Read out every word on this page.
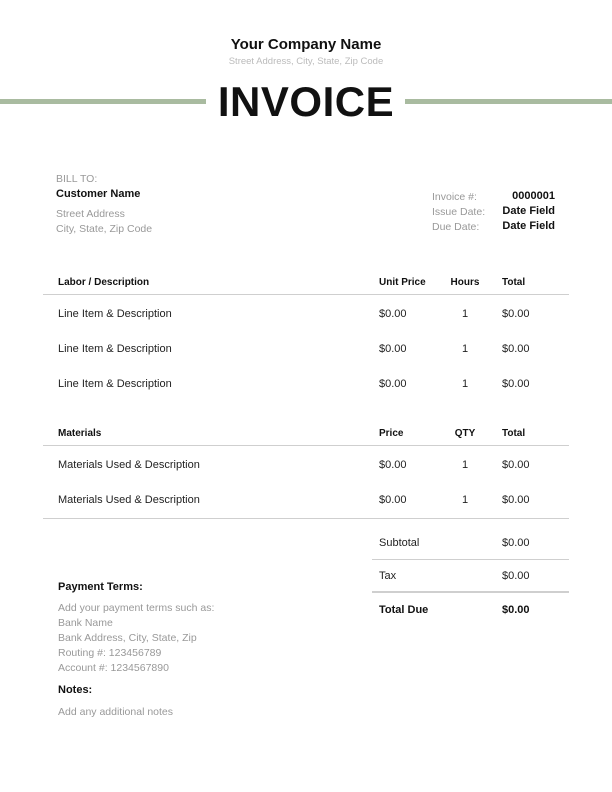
Your Company Name
Street Address, City, State, Zip Code
INVOICE
BILL TO:
Customer Name
Street Address
City, State, Zip Code
Invoice #:	0000001
Issue Date:	Date Field
Due Date:	Date Field
Labor / Description	Unit Price	Hours	Total
Line Item & Description	$0.00	1	$0.00
Line Item & Description	$0.00	1	$0.00
Line Item & Description	$0.00	1	$0.00
Materials	Price	QTY	Total
Materials Used & Description	$0.00	1	$0.00
Materials Used & Description	$0.00	1	$0.00
Subtotal	$0.00
Tax	$0.00
Total Due	$0.00
Payment Terms:
Add your payment terms such as:
Bank Name
Bank Address, City, State, Zip
Routing #: 123456789
Account #: 1234567890
Notes:
Add any additional notes
